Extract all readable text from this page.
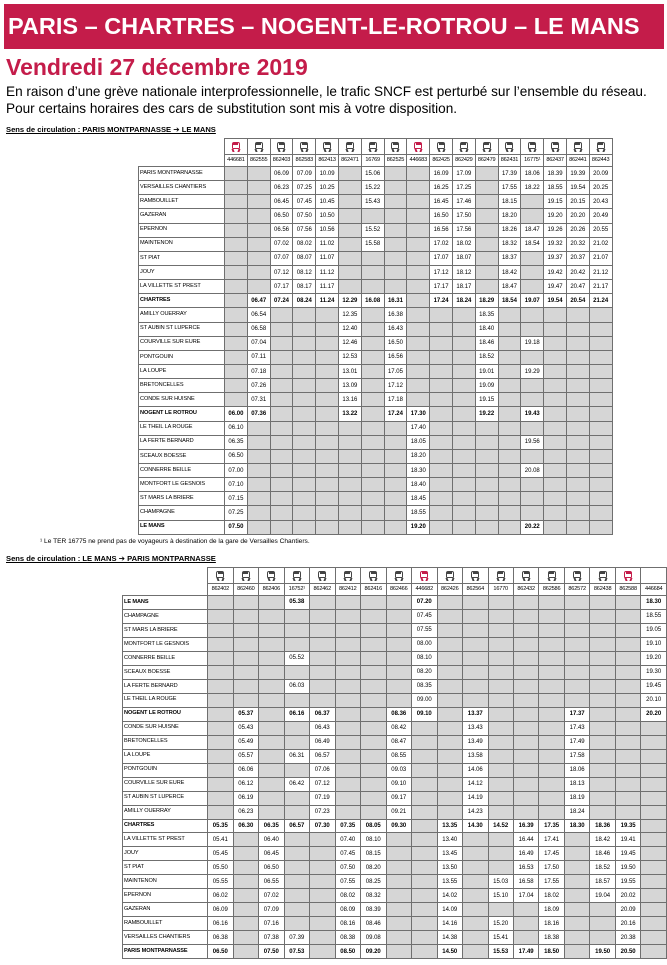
PARIS – CHARTRES – NOGENT-LE-ROTROU – LE MANS
Vendredi 27 décembre 2019
En raison d’une grève nationale interprofessionnelle, le trafic SNCF est perturbé sur l’ensemble du réseau.
Pour certains horaires des cars de substitution sont mis à votre disposition.
Sens de circulation : PARIS MONTPARNASSE ➔ LE MANS

	446681	862555	862403	862583	862413	862471	16769	862525	446683	862425	862429	862479	862431	16775¹	862437	862441	862443
PARIS MONTPARNASSE			06.09	07.09	10.09		15.06			16.09	17.09		17.39	18.06	18.39	19.39	20.09
VERSAILLES CHANTIERS			06.23	07.25	10.25		15.22			16.25	17.25		17.55	18.22	18.55	19.54	20.25
RAMBOUILLET			06.45	07.45	10.45		15.43			16.45	17.46		18.15		19.15	20.15	20.43
GAZERAN			06.50	07.50	10.50					16.50	17.50		18.20		19.20	20.20	20.49
EPERNON			06.56	07.56	10.56		15.52			16.56	17.56		18.26	18.47	19.26	20.26	20.55
MAINTENON			07.02	08.02	11.02		15.58			17.02	18.02		18.32	18.54	19.32	20.32	21.02
ST PIAT			07.07	08.07	11.07					17.07	18.07		18.37		19.37	20.37	21.07
JOUY			07.12	08.12	11.12					17.12	18.12		18.42		19.42	20.42	21.12
LA VILLETTE ST PREST			07.17	08.17	11.17					17.17	18.17		18.47		19.47	20.47	21.17
CHARTRES		06.47	07.24	08.24	11.24	12.29	16.08	16.31		17.24	18.24	18.29	18.54	19.07	19.54	20.54	21.24
AMILLY OUERRAY		06.54				12.35		16.38				18.35					
ST AUBIN ST LUPERCE		06.58				12.40		16.43				18.40					
COURVILLE SUR EURE		07.04				12.46		16.50				18.46		19.18			
PONTGOUIN		07.11				12.53		16.56				18.52					
LA LOUPE		07.18				13.01		17.05				19.01		19.29			
BRETONCELLES		07.26				13.09		17.12				19.09					
CONDE SUR HUISNE		07.31				13.16		17.18				19.15					
NOGENT LE ROTROU	06.00	07.36				13.22		17.24	17.30			19.22		19.43			
LE THEIL LA ROUGE	06.10								17.40								
LA FERTE BERNARD	06.35								18.05					19.56			
SCEAUX BOESSE	06.50								18.20								
CONNERRE BEILLE	07.00								18.30					20.08			
MONTFORT LE GESNOIS	07.10								18.40								
ST MARS LA BRIERE	07.15								18.45								
CHAMPAGNE	07.25								18.55								
LE MANS	07.50								19.20					20.22			
¹ Le TER 16775 ne prend pas de voyageurs à destination de la gare de Versailles Chantiers.
Sens de circulation : LE MANS ➔ PARIS MONTPARNASSE

	862402	862460	862406	16752¹	862462	862412	862416	862466	446682	862426	862564	16770	862432	862586	862572	862438	862588	446684
LE MANS				05.38					07.20									18.30
CHAMPAGNE									07.45									18.55
ST MARS LA BRIERE									07.55									19.05
MONTFORT LE GESNOIS									08.00									19.10
CONNERRE BEILLE				05.52					08.10									19.20
SCEAUX BOESSE									08.20									19.30
LA FERTE BERNARD				06.03					08.35									19.45
LE THEIL LA ROUGE									09.00									20.10
NOGENT LE ROTROU		05.37		06.16	06.37			08.36	09.10		13.37				17.37			20.20
CONDE SUR HUISNE		05.43			06.43			08.42			13.43				17.43			
BRETONCELLES		05.49			06.49			08.47			13.49				17.49			
LA LOUPE		05.57		06.31	06.57			08.55			13.58				17.58			
PONTGOUIN		06.06			07.06			09.03			14.06				18.06			
COURVILLE SUR EURE		06.12		06.42	07.12			09.10			14.12				18.13			
ST AUBIN ST LUPERCE		06.19			07.19			09.17			14.19				18.19			
AMILLY OUERRAY		06.23			07.23			09.21			14.23				18.24			
CHARTRES	05.35	06.30	06.35	06.57	07.30	07.35	08.05	09.30		13.35	14.30	14.52	16.39	17.35	18.30	18.36	19.35	
LA VILLETTE ST PREST	05.41		06.40			07.40	08.10			13.40			16.44	17.41		18.42	19.41	
JOUY	05.45		06.45			07.45	08.15			13.45			16.49	17.45		18.46	19.45	
ST PIAT	05.50		06.50			07.50	08.20			13.50			16.53	17.50		18.52	19.50	
MAINTENON	05.55		06.55			07.55	08.25			13.55		15.03	16.58	17.55		18.57	19.55	
EPERNON	06.02		07.02			08.02	08.32			14.02		15.10	17.04	18.02		19.04	20.02	
GAZERAN	06.09		07.09			08.09	08.39			14.09				18.09			20.09	
RAMBOUILLET	06.16		07.16			08.16	08.46			14.16		15.20		18.16			20.16	
VERSAILLES CHANTIERS	06.38		07.38	07.39		08.38	09.08			14.38		15.41		18.38			20.38	
PARIS MONTPARNASSE	06.50		07.50	07.53		08.50	09.20			14.50		15.53	17.49	18.50		19.50	20.50	
